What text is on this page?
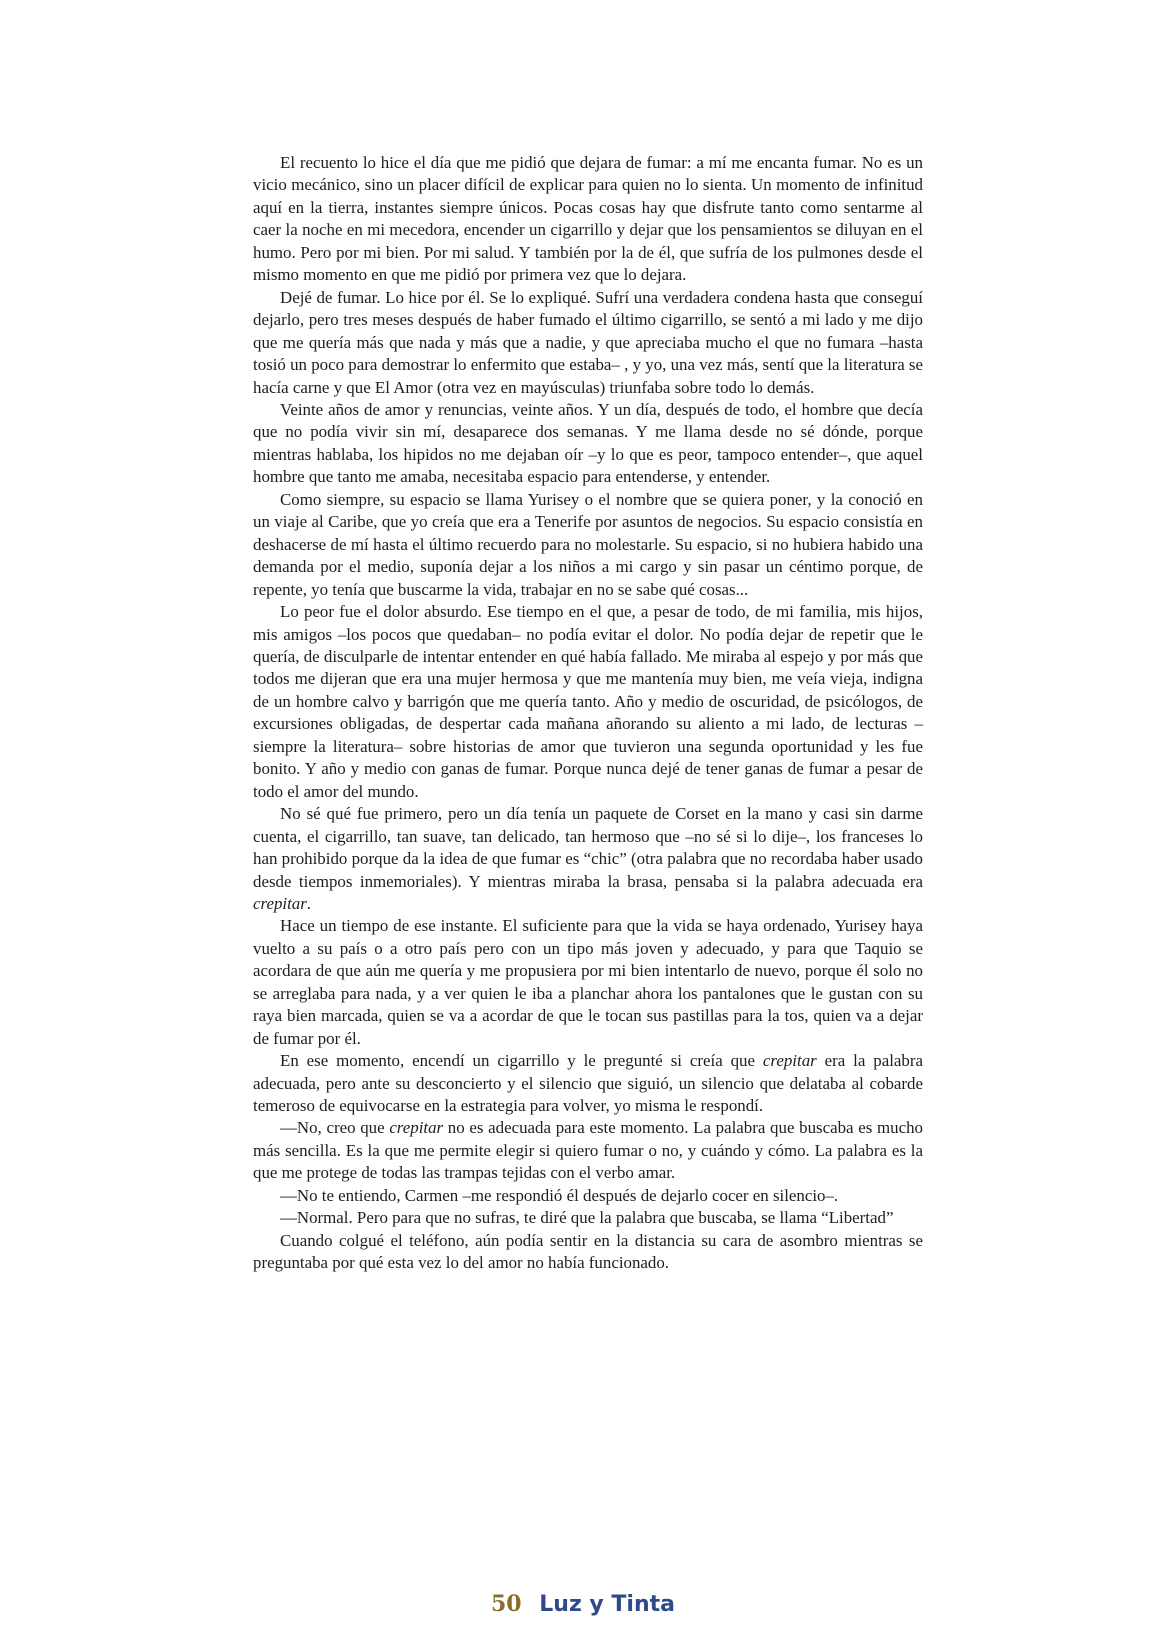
El recuento lo hice el día que me pidió que dejara de fumar: a mí me encanta fumar. No es un vicio mecánico, sino un placer difícil de explicar para quien no lo sienta. Un momento de infinitud aquí en la tierra, instantes siempre únicos. Pocas cosas hay que disfrute tanto como sentarme al caer la noche en mi mecedora, encender un cigarrillo y dejar que los pensamientos se diluyan en el humo. Pero por mi bien. Por mi salud. Y también por la de él, que sufría de los pulmones desde el mismo momento en que me pidió por primera vez que lo dejara.

Dejé de fumar. Lo hice por él. Se lo expliqué. Sufrí una verdadera condena hasta que conseguí dejarlo, pero tres meses después de haber fumado el último cigarrillo, se sentó a mi lado y me dijo que me quería más que nada y más que a nadie, y que apreciaba mucho el que no fumara –hasta tosió un poco para demostrar lo enfermito que estaba– , y yo, una vez más, sentí que la literatura se hacía carne y que El Amor (otra vez en mayúsculas) triunfaba sobre todo lo demás.

Veinte años de amor y renuncias, veinte años. Y un día, después de todo, el hombre que decía que no podía vivir sin mí, desaparece dos semanas. Y me llama desde no sé dónde, porque mientras hablaba, los hipidos no me dejaban oír –y lo que es peor, tampoco entender–, que aquel hombre que tanto me amaba, necesitaba espacio para entenderse, y entender.

Como siempre, su espacio se llama Yurisey o el nombre que se quiera poner, y la conoció en un viaje al Caribe, que yo creía que era a Tenerife por asuntos de negocios. Su espacio consistía en deshacerse de mí hasta el último recuerdo para no molestarle. Su espacio, si no hubiera habido una demanda por el medio, suponía dejar a los niños a mi cargo y sin pasar un céntimo porque, de repente, yo tenía que buscarme la vida, trabajar en no se sabe qué cosas...

Lo peor fue el dolor absurdo. Ese tiempo en el que, a pesar de todo, de mi familia, mis hijos, mis amigos –los pocos que quedaban– no podía evitar el dolor. No podía dejar de repetir que le quería, de disculparle de intentar entender en qué había fallado. Me miraba al espejo y por más que todos me dijeran que era una mujer hermosa y que me mantenía muy bien, me veía vieja, indigna de un hombre calvo y barrigón que me quería tanto. Año y medio de oscuridad, de psicólogos, de excursiones obligadas, de despertar cada mañana añorando su aliento a mi lado, de lecturas –siempre la literatura– sobre historias de amor que tuvieron una segunda oportunidad y les fue bonito. Y año y medio con ganas de fumar. Porque nunca dejé de tener ganas de fumar a pesar de todo el amor del mundo.

No sé qué fue primero, pero un día tenía un paquete de Corset en la mano y casi sin darme cuenta, el cigarrillo, tan suave, tan delicado, tan hermoso que –no sé si lo dije–, los franceses lo han prohibido porque da la idea de que fumar es “chic” (otra palabra que no recordaba haber usado desde tiempos inmemoriales). Y mientras miraba la brasa, pensaba si la palabra adecuada era crepitar.

Hace un tiempo de ese instante. El suficiente para que la vida se haya ordenado, Yurisey haya vuelto a su país o a otro país pero con un tipo más joven y adecuado, y para que Taquio se acordara de que aún me quería y me propusiera por mi bien intentarlo de nuevo, porque él solo no se arreglaba para nada, y a ver quien le iba a planchar ahora los pantalones que le gustan con su raya bien marcada, quien se va a acordar de que le tocan sus pastillas para la tos, quien va a dejar de fumar por él.

En ese momento, encendí un cigarrillo y le pregunté si creía que crepitar era la palabra adecuada, pero ante su desconcierto y el silencio que siguió, un silencio que delataba al cobarde temeroso de equivocarse en la estrategia para volver, yo misma le respondí.

—No, creo que crepitar no es adecuada para este momento. La palabra que buscaba es mucho más sencilla. Es la que me permite elegir si quiero fumar o no, y cuándo y cómo. La palabra es la que me protege de todas las trampas tejidas con el verbo amar.

—No te entiendo, Carmen –me respondió él después de dejarlo cocer en silencio–.

—Normal. Pero para que no sufras, te diré que la palabra que buscaba, se llama “Libertad”

Cuando colgué el teléfono, aún podía sentir en la distancia su cara de asombro mientras se preguntaba por qué esta vez lo del amor no había funcionado.

50 Luz y Tinta
